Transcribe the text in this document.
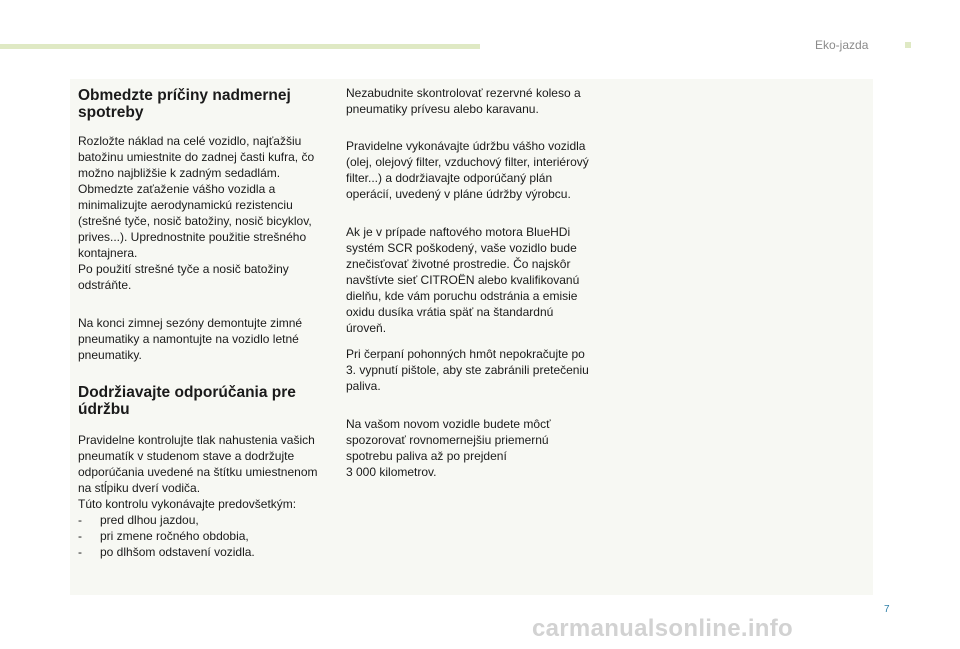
Eko-jazda
Obmedzte príčiny nadmernej
spotreby

Rozložte náklad na celé vozidlo, najťažšiu
batožinu umiestnite do zadnej časti kufra, čo
možno najbližšie k zadným sedadlám.
Obmedzte zaťaženie vášho vozidla a
minimalizujte aerodynamickú rezistenciu
(strešné tyče, nosič batožiny, nosič bicyklov,
prives...). Uprednostnite použitie strešného
kontajnera.
Po použití strešné tyče a nosič batožiny
odstráňte.

Na konci zimnej sezóny demontujte zimné
pneumatiky a namontujte na vozidlo letné
pneumatiky.

Dodržiavajte odporúčania pre
údržbu

Pravidelne kontrolujte tlak nahustenia vašich
pneumatík v studenom stave a dodržujte
odporúčania uvedené na štítku umiestnenom
na stĺpiku dverí vodiča.
Túto kontrolu vykonávajte predovšetkým:

- pred dlhou jazdou,
- pri zmene ročného obdobia,
- po dlhšom odstavení vozidla.

Nezabudnite skontrolovať rezervné koleso a
pneumatiky prívesu alebo karavanu.

Pravidelne vykonávajte údržbu vášho vozidla
(olej, olejový filter, vzduchový filter, interiérový
filter...) a dodržiavajte odporúčaný plán
operácií, uvedený v pláne údržby výrobcu.

Ak je v prípade naftového motora BlueHDi
systém SCR poškodený, vaše vozidlo bude
znečisťovať životné prostredie. Čo najskôr
navštívte sieť CITROËN alebo kvalifikovanú
dielňu, kde vám poruchu odstránia a emisie
oxidu dusíka vrátia späť na štandardnú
úroveň.

Pri čerpaní pohonných hmôt nepokračujte po
3. vypnutí pištole, aby ste zabránili pretečeniu
paliva.

Na vašom novom vozidle budete môcť
spozorovať rovnomernejšiu priemernú
spotrebu paliva až po prejdení
3 000 kilometrov.

7
carmanualsonline.info
